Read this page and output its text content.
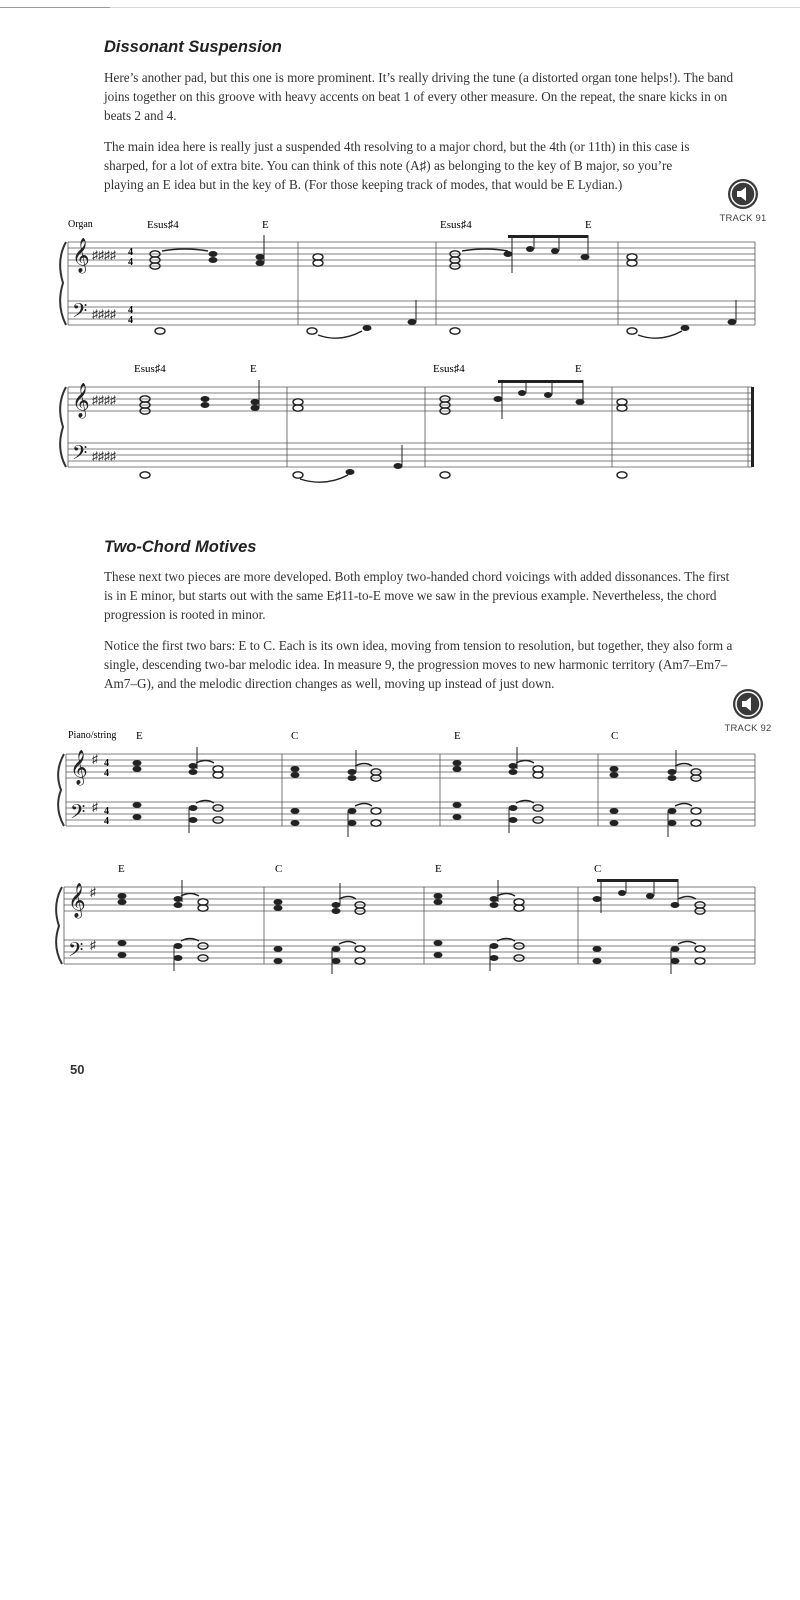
Dissonant Suspension

Here’s another pad, but this one is more prominent. It’s really driving the tune (a distorted organ tone helps!). The band joins together on this groove with heavy accents on beat 1 of every other measure. On the repeat, the snare kicks in on beats 2 and 4.

The main idea here is really just a suspended 4th resolving to a major chord, but the 4th (or 11th) in this case is sharped, for a lot of extra bite. You can think of this note (A♯) as belonging to the key of B major, so you’re playing an E idea but in the key of B. (For those keeping track of modes, that would be E Lydian.)

TRACK 91
Organ	Esus♯4	E	Esus♯4	E
𝄞
𝄢
♯♯♯♯
♯♯♯♯
4
4
4
4
Esus♯4	E	Esus♯4	E
𝄞
𝄢
♯♯♯♯
♯♯♯♯
Two-Chord Motives

These next two pieces are more developed. Both employ two-handed chord voicings with added dissonances. The first is in E minor, but starts out with the same E♯11-to-E move we saw in the previous example. Nevertheless, the chord progression is rooted in minor.

Notice the first two bars: E to C. Each is its own idea, moving from tension to resolution, but together, they also form a single, descending two-bar melodic idea. In measure 9, the progression moves to new harmonic territory (Am7–Em7–Am7–G), and the melodic direction changes as well, moving up instead of just down.

TRACK 92
Piano/string E	C	E	C
𝄞
𝄢
♯
♯
4
4
4
4
E	C	E	C
𝄞
𝄢
♯
♯
50
